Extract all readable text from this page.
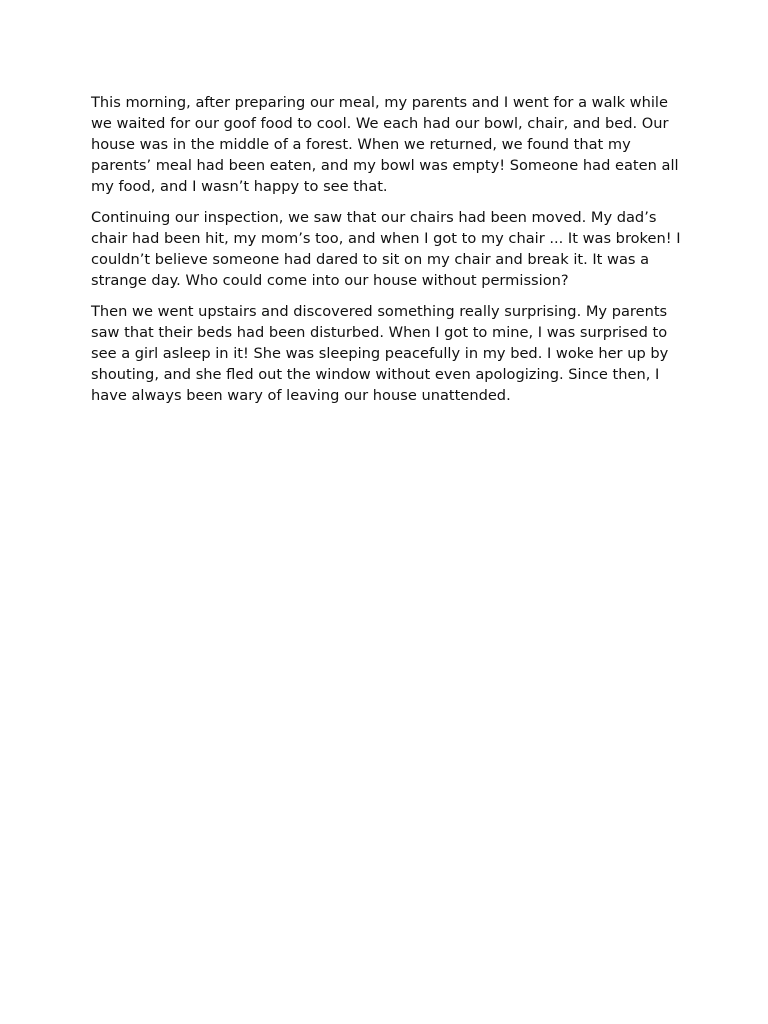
This morning, after preparing our meal, my parents and I went for a walk while we waited for our goof food to cool. We each had our bowl, chair, and bed. Our house was in the middle of a forest. When we returned, we found that my parents’ meal had been eaten, and my bowl was empty! Someone had eaten all my food, and I wasn’t happy to see that.

Continuing our inspection, we saw that our chairs had been moved. My dad’s chair had been hit, my mom’s too, and when I got to my chair ... It was broken! I couldn’t believe someone had dared to sit on my chair and break it. It was a strange day. Who could come into our house without permission?

Then we went upstairs and discovered something really surprising. My parents saw that their beds had been disturbed. When I got to mine, I was surprised to see a girl asleep in it! She was sleeping peacefully in my bed. I woke her up by shouting, and she fled out the window without even apologizing. Since then, I have always been wary of leaving our house unattended.
